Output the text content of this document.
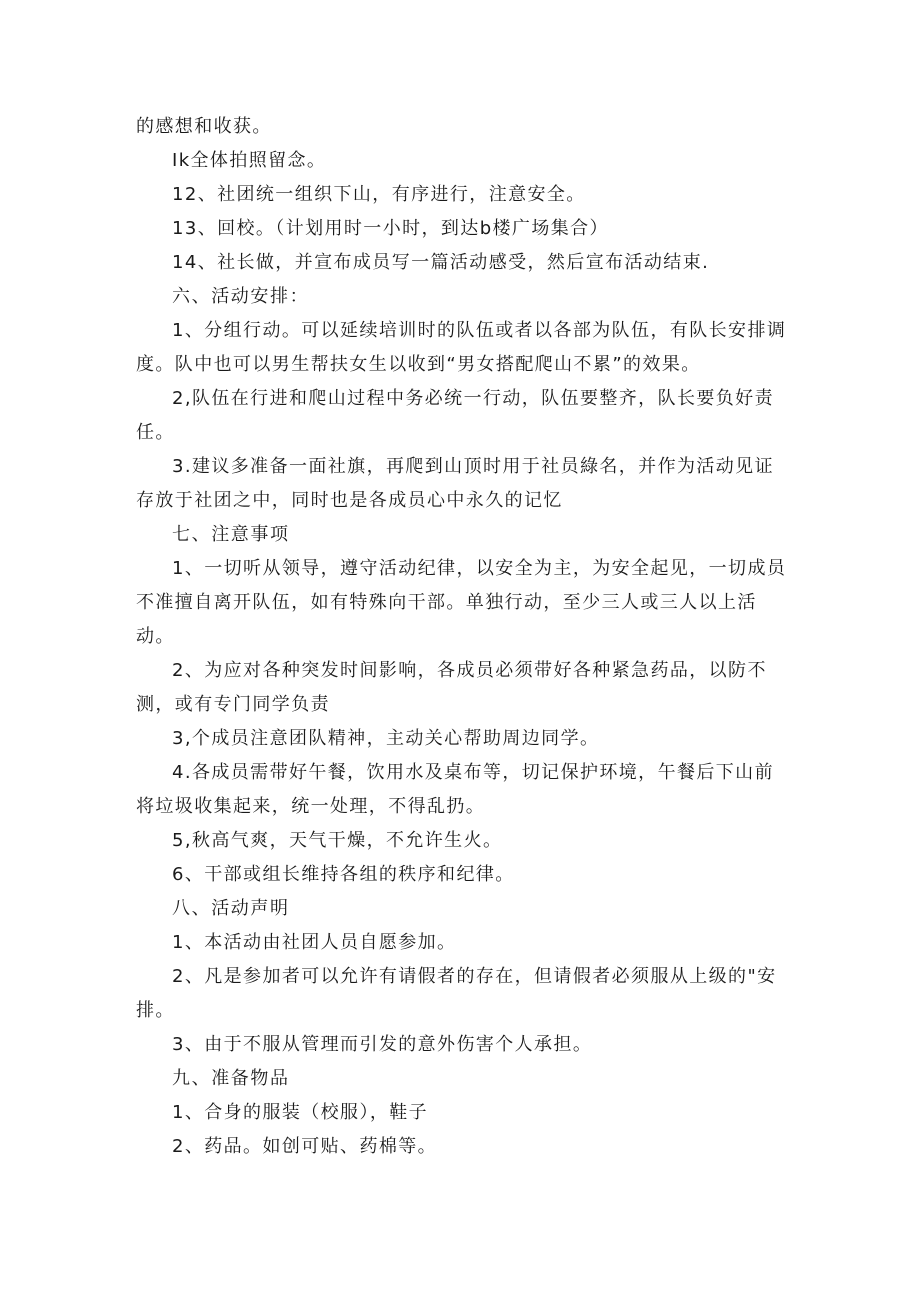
的感想和收获。

Ik全体拍照留念。

12、社团统一组织下山，有序进行，注意安全。

13、回校。（计划用时一小时，到达b楼广场集合）

14、社长做，并宣布成员写一篇活动感受，然后宣布活动结束.

六、活动安排：

1、分组行动。可以延续培训时的队伍或者以各部为队伍，有队长安排调度。队中也可以男生帮扶女生以收到“男女搭配爬山不累”的效果。

2,队伍在行进和爬山过程中务必统一行动，队伍要整齐，队长要负好责任。

3.建议多准备一面社旗，再爬到山顶时用于社员綠名，并作为活动见证存放于社团之中，同时也是各成员心中永久的记忆

七、注意事项

1、一切听从领导，遵守活动纪律，以安全为主，为安全起见，一切成员不准擅自离开队伍，如有特殊向干部。单独行动，至少三人或三人以上活动。

2、为应对各种突发时间影响，各成员必须带好各种紧急药品，以防不测，或有专门同学负责

3,个成员注意团队精神，主动关心帮助周边同学。

4.各成员需带好午餐，饮用水及桌布等，切记保护环境，午餐后下山前将垃圾收集起来，统一处理，不得乱扔。

5,秋高气爽，天气干燥，不允许生火。

6、干部或组长维持各组的秩序和纪律。

八、活动声明

1、本活动由社团人员自愿参加。

2、凡是参加者可以允许有请假者的存在，但请假者必须服从上级的"安排。

3、由于不服从管理而引发的意外伤害个人承担。

九、准备物品

1、合身的服装（校服），鞋子

2、药品。如创可贴、药棉等。
